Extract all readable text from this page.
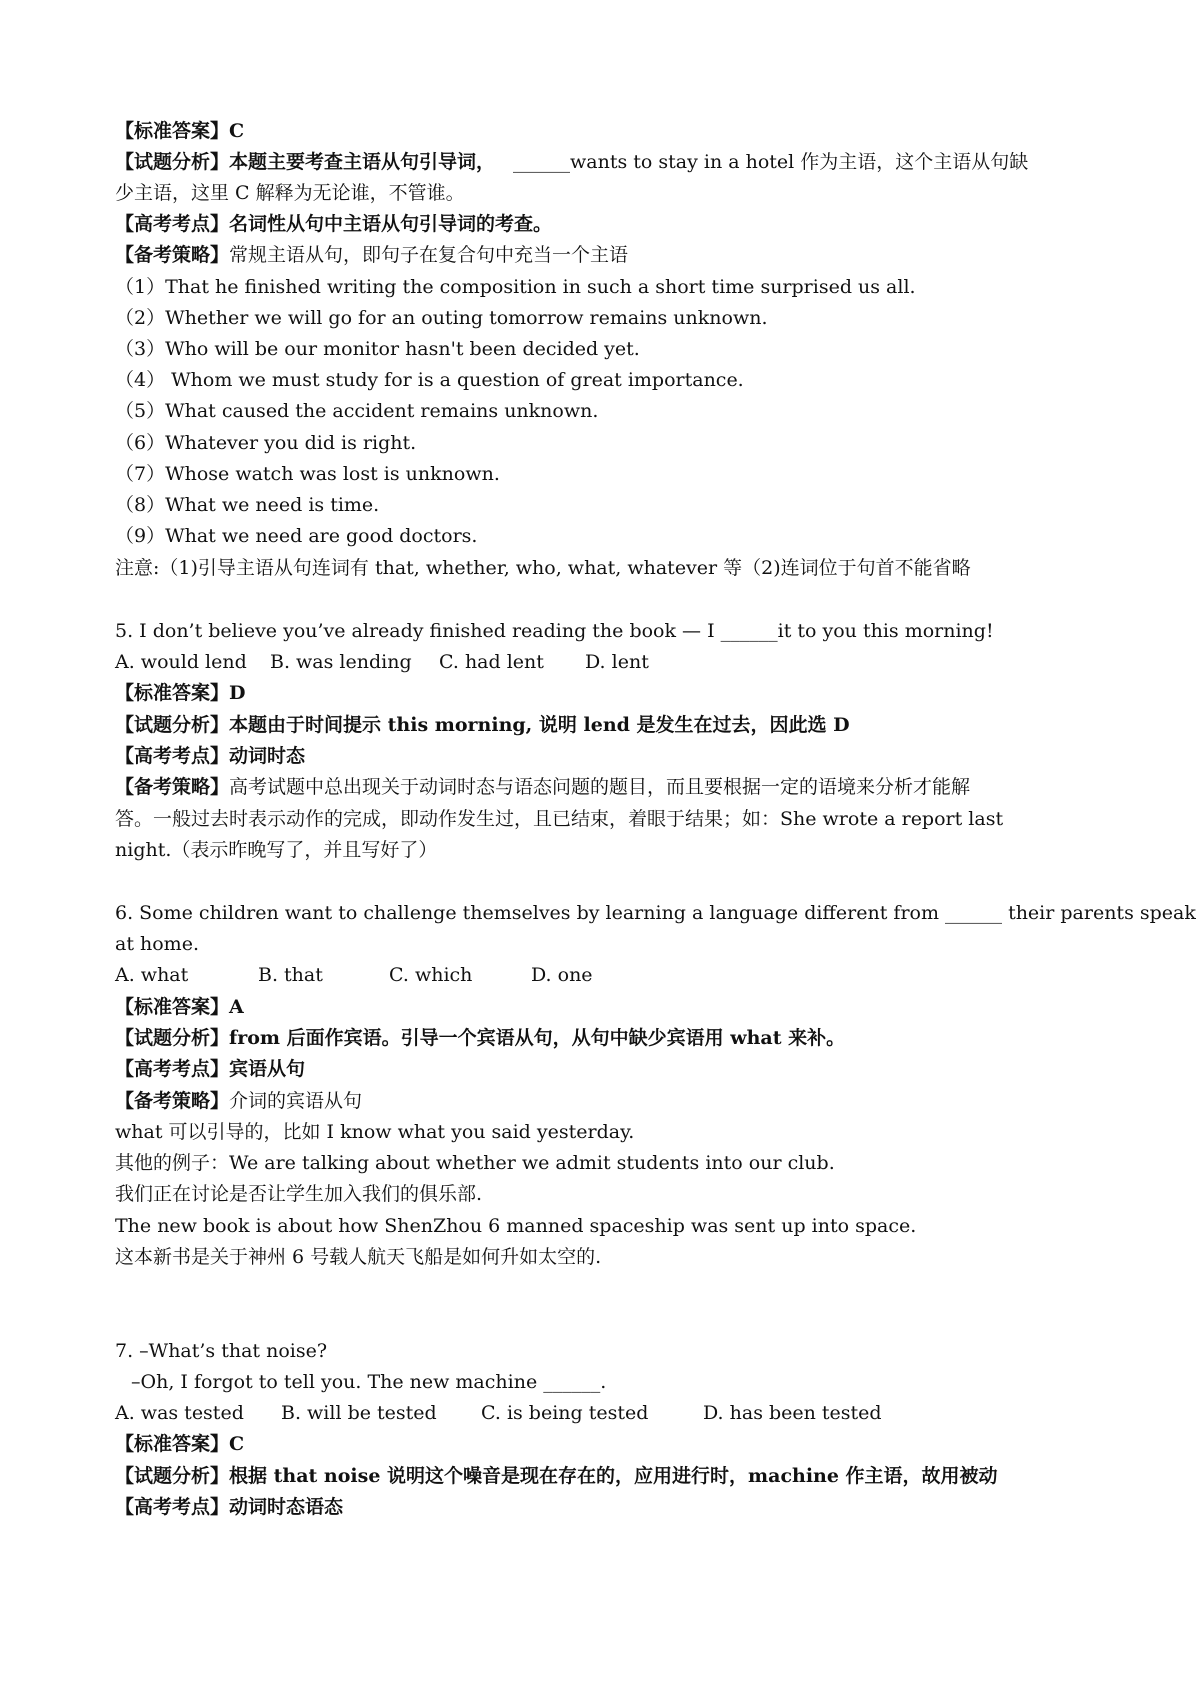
【标准答案】C
【试题分析】本题主要考查主语从句引导词， ______wants to stay in a hotel 作为主语，这个主语从句缺
少主语，这里 C 解释为无论谁，不管谁。
【高考考点】名词性从句中主语从句引导词的考查。
【备考策略】常规主语从句，即句子在复合句中充当一个主语
（1）That he finished writing the composition in such a short time surprised us all.
（2）Whether we will go for an outing tomorrow remains unknown.
（3）Who will be our monitor hasn't been decided yet.
（4） Whom we must study for is a question of great importance.
（5）What caused the accident remains unknown.
（6）Whatever you did is right.
（7）Whose watch was lost is unknown.
（8）What we need is time.
（9）What we need are good doctors.
注意:（1)引导主语从句连词有 that, whether, who, what, whatever 等（2)连词位于句首不能省略
5. I don’t believe you’ve already finished reading the book — I ______it to you this morning!
A. would lend B. was lending C. had lent D. lent
【标准答案】D
【试题分析】本题由于时间提示 this morning, 说明 lend 是发生在过去，因此选 D
【高考考点】动词时态
【备考策略】高考试题中总出现关于动词时态与语态问题的题目，而且要根据一定的语境来分析才能解
答。一般过去时表示动作的完成，即动作发生过，且已结束，着眼于结果；如：She wrote a report last
night.（表示昨晚写了，并且写好了）
6. Some children want to challenge themselves by learning a language different from ______ their parents speak
at home.
A. what	B. that	C. which	D. one
【标准答案】A
【试题分析】from 后面作宾语。引导一个宾语从句，从句中缺少宾语用 what 来补。
【高考考点】宾语从句
【备考策略】介词的宾语从句
what 可以引导的，比如 I know what you said yesterday.
其他的例子：We are talking about whether we admit students into our club.
我们正在讨论是否让学生加入我们的俱乐部.
The new book is about how ShenZhou 6 manned spaceship was sent up into space.
这本新书是关于神州 6 号载人航天飞船是如何升如太空的.
7. –What’s that noise?
–Oh, I forgot to tell you. The new machine ______.
A. was tested B. will be tested C. is being tested	D. has been tested
【标准答案】C
【试题分析】根据 that noise 说明这个噪音是现在存在的，应用进行时，machine 作主语，故用被动
【高考考点】动词时态语态
